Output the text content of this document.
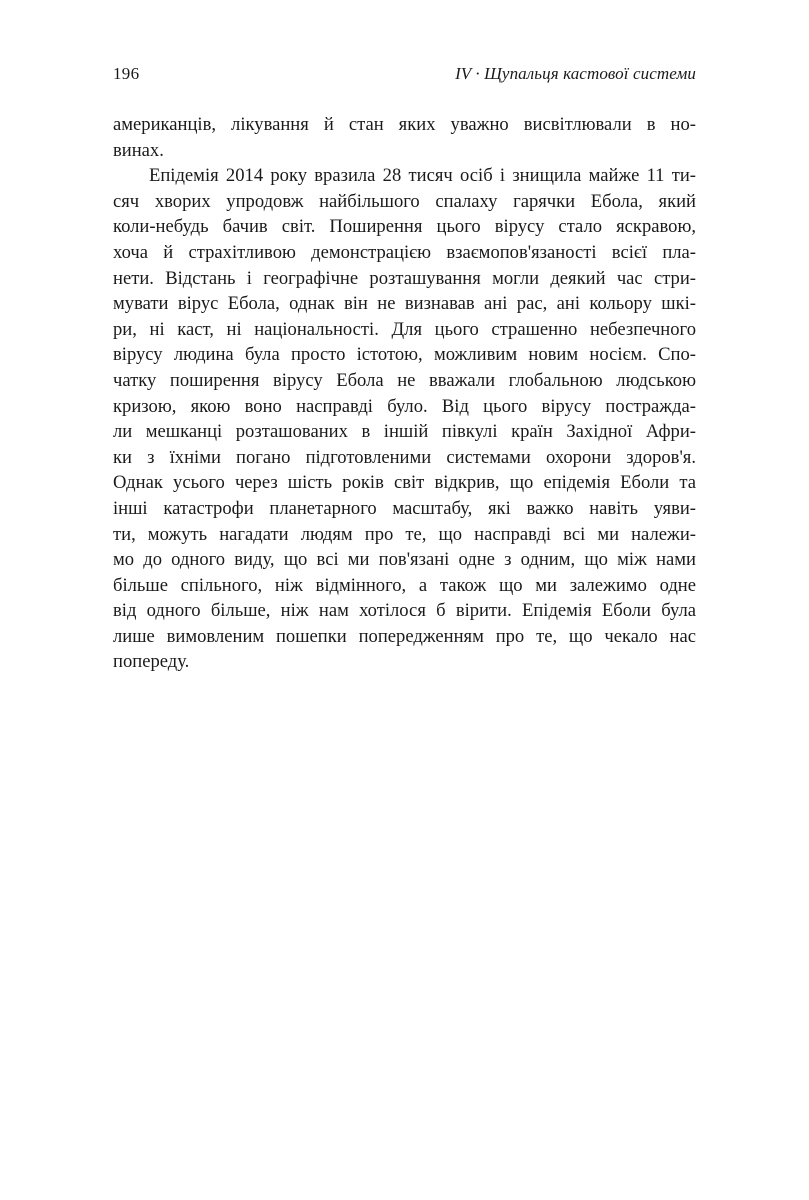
196	IV · Щупальця кастової системи
американців, лікування й стан яких уважно висвітлювали в но-
винах.
Епідемія 2014 року вразила 28 тисяч осіб і знищила майже 11 ти-
сяч хворих упродовж найбільшого спалаху гарячки Ебола, який
коли-небудь бачив світ. Поширення цього вірусу стало яскравою,
хоча й страхітливою демонстрацією взаємопов'язаності всієї пла-
нети. Відстань і географічне розташування могли деякий час стри-
мувати вірус Ебола, однак він не визнавав ані рас, ані кольору шкі-
ри, ні каст, ні національності. Для цього страшенно небезпечного
вірусу людина була просто істотою, можливим новим носієм. Спо-
чатку поширення вірусу Ебола не вважали глобальною людською
кризою, якою воно насправді було. Від цього вірусу постражда-
ли мешканці розташованих в іншій півкулі країн Західної Афри-
ки з їхніми погано підготовленими системами охорони здоров'я.
Однак усього через шість років світ відкрив, що епідемія Еболи та
інші катастрофи планетарного масштабу, які важко навіть уяви-
ти, можуть нагадати людям про те, що насправді всі ми належи-
мо до одного виду, що всі ми пов'язані одне з одним, що між нами
більше спільного, ніж відмінного, а також що ми залежимо одне
від одного більше, ніж нам хотілося б вірити. Епідемія Еболи була
лише вимовленим пошепки попередженням про те, що чекало нас
попереду.
